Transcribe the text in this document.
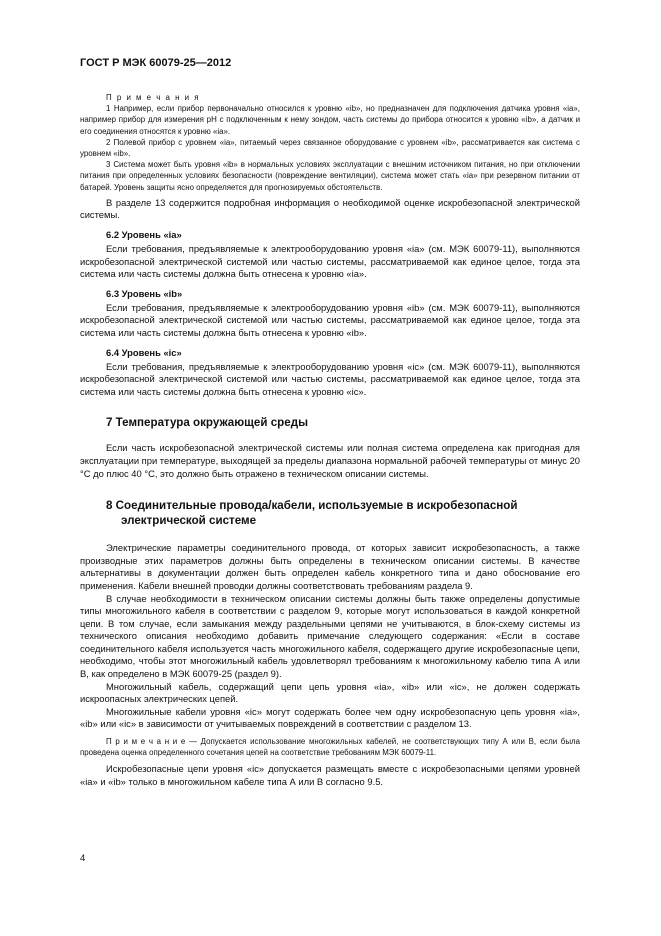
ГОСТ Р МЭК 60079-25—2012

П р и м е ч а н и я

1 Например, если прибор первоначально относился к уровню «ib», но предназначен для подключения датчика уровня «ia», например прибор для измерения pH с подключенным к нему зондом, часть системы до прибора относится к уровню «ib», а датчик и его соединения относятся к уровню «ia».

2 Полевой прибор с уровнем «ia», питаемый через связанное оборудование с уровнем «ib», рассматривается как система с уровнем «ib».

3 Система может быть уровня «ib» в нормальных условиях эксплуатации с внешним источником питания, но при отключении питания при определенных условиях безопасности (повреждение вентиляции), система может стать «ia» при резервном питании от батарей. Уровень защиты ясно определяется для прогнозируемых обстоятельств.

В разделе 13 содержится подробная информация о необходимой оценке искробезопасной электрической системы.

6.2 Уровень «ia»

Если требования, предъявляемые к электрооборудованию уровня «ia» (см. МЭК 60079-11), выполняются искробезопасной электрической системой или частью системы, рассматриваемой как единое целое, тогда эта система или часть системы должна быть отнесена к уровню «ia».

6.3 Уровень «ib»

Если требования, предъявляемые к электрооборудованию уровня «ib» (см. МЭК 60079-11), выполняются искробезопасной электрической системой или частью системы, рассматриваемой как единое целое, тогда эта система или часть системы должна быть отнесена к уровню «ib».

6.4 Уровень «ic»

Если требования, предъявляемые к электрооборудованию уровня «ic» (см. МЭК 60079-11), выполняются искробезопасной электрической системой или частью системы, рассматриваемой как единое целое, тогда эта система или часть системы должна быть отнесена к уровню «ic».

7 Температура окружающей среды

Если часть искробезопасной электрической системы или полная система определена как пригодная для эксплуатации при температуре, выходящей за пределы диапазона нормальной рабочей температуры от минус 20 °С до плюс 40 °С, это должно быть отражено в техническом описании системы.

8 Соединительные провода/кабели, используемые в искробезопасной
электрической системе

Электрические параметры соединительного провода, от которых зависит искробезопасность, а также производные этих параметров должны быть определены в техническом описании системы. В качестве альтернативы в документации должен быть определен кабель конкретного типа и дано обоснование его применения. Кабели внешней проводки должны соответствовать требованиям раздела 9.

В случае необходимости в техническом описании системы должны быть также определены допустимые типы многожильного кабеля в соответствии с разделом 9, которые могут использоваться в каждой конкретной цепи. В том случае, если замыкания между раздельными цепями не учитываются, в блок-схему системы из технического описания необходимо добавить примечание следующего содержания: «Если в составе соединительного кабеля используется часть многожильного кабеля, содержащего другие искробезопасные цепи, необходимо, чтобы этот многожильный кабель удовлетворял требованиям к многожильному кабелю типа А или В, как определено в МЭК 60079-25 (раздел 9).

Многожильный кабель, содержащий цепи цепь уровня «ia», «ib» или «ic», не должен содержать искроопасных электрических цепей.

Многожильные кабели уровня «ic» могут содержать более чем одну искробезопасную цепь уровня «ia», «ib» или «ic» в зависимости от учитываемых повреждений в соответствии с разделом 13.

П р и м е ч а н и е — Допускается использование многожильных кабелей, не соответствующих типу А или В, если была проведена оценка определенного сочетания цепей на соответствие требованиям МЭК 60079-11.

Искробезопасные цепи уровня «ic» допускается размещать вместе с искробезопасными цепями уровней «ia» и «ib» только в многожильном кабеле типа А или В согласно 9.5.

4
